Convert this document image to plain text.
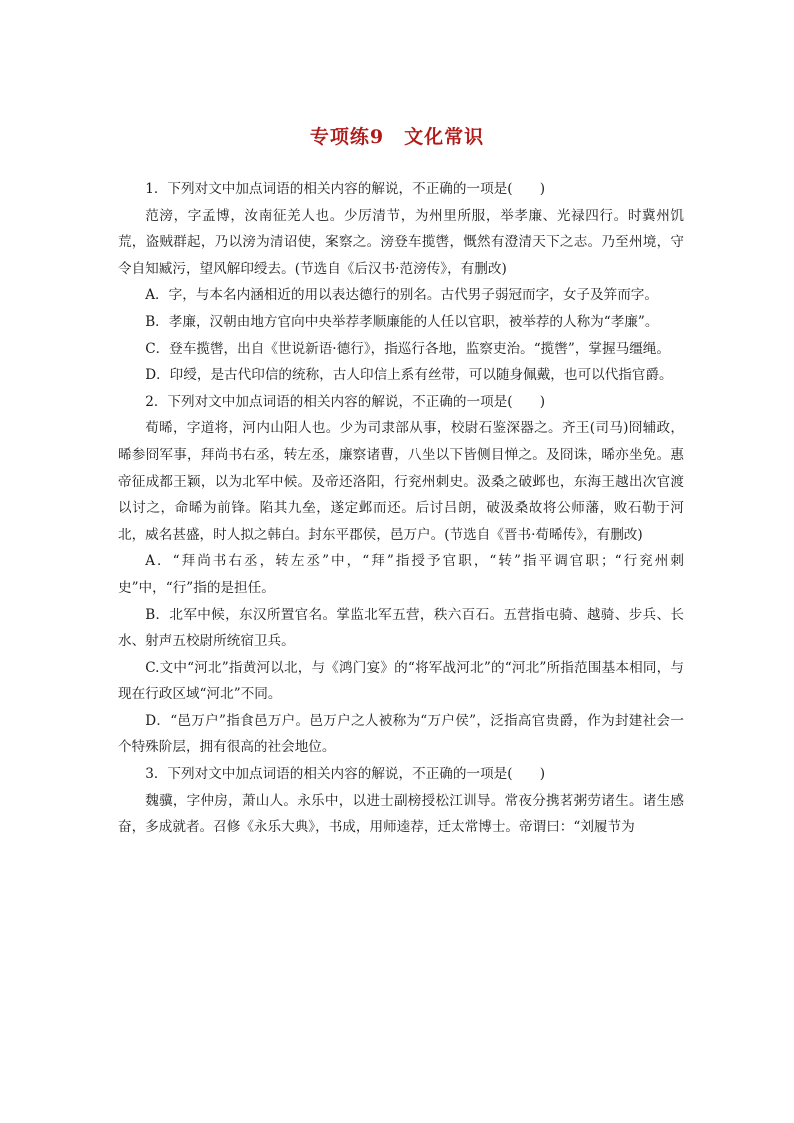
专项练9　文化常识

1．下列对文中加点词语的相关内容的解说，不正确的一项是(　　)

范滂，字孟博，汝南征羌人也。少厉清节，为州里所服，举孝廉、光禄四行。时冀州饥荒，盗贼群起，乃以滂为清诏使，案察之。滂登车揽辔，慨然有澄清天下之志。乃至州境，守令自知臧污，望风解印绶去。(节选自《后汉书·范滂传》，有删改)

A．字，与本名内涵相近的用以表达德行的别名。古代男子弱冠而字，女子及笄而字。

B．孝廉，汉朝由地方官向中央举荐孝顺廉能的人任以官职，被举荐的人称为“孝廉”。

C．登车揽辔，出自《世说新语·德行》，指巡行各地，监察吏治。“揽辔”，掌握马缰绳。

D．印绶，是古代印信的统称，古人印信上系有丝带，可以随身佩戴，也可以代指官爵。

2．下列对文中加点词语的相关内容的解说，不正确的一项是(　　)

荀晞，字道将，河内山阳人也。少为司隶部从事，校尉石鉴深器之。齐王(司马)冏辅政，晞参冏军事，拜尚书右丞，转左丞，廉察诸曹，八坐以下皆侧目惮之。及冏诛，晞亦坐免。惠帝征成都王颖，以为北军中候。及帝还洛阳，行兖州刺史。汲桑之破邺也，东海王越出次官渡以讨之，命晞为前锋。陷其九垒，遂定邺而还。后讨吕朗，破汲桑故将公师藩，败石勒于河北，威名甚盛，时人拟之韩白。封东平郡侯，邑万户。(节选自《晋书·荀晞传》，有删改)

A．“拜尚书右丞，转左丞”中，“拜”指授予官职，“转”指平调官职；“行兖州刺史”中，“行”指的是担任。

B．北军中候，东汉所置官名。掌监北军五营，秩六百石。五营指屯骑、越骑、步兵、长水、射声五校尉所统宿卫兵。

C.文中“河北”指黄河以北，与《鸿门宴》的“将军战河北”的“河北”所指范围基本相同，与现在行政区域“河北”不同。

D．“邑万户”指食邑万户。邑万户之人被称为“万户侯”，泛指高官贵爵，作为封建社会一个特殊阶层，拥有很高的社会地位。

3．下列对文中加点词语的相关内容的解说，不正确的一项是(　　)

魏骥，字仲房，萧山人。永乐中，以进士副榜授松江训导。常夜分携茗粥劳诸生。诸生感奋，多成就者。召修《永乐大典》，书成，用师逵荐，迁太常博士。帝谓曰：“刘履节为
